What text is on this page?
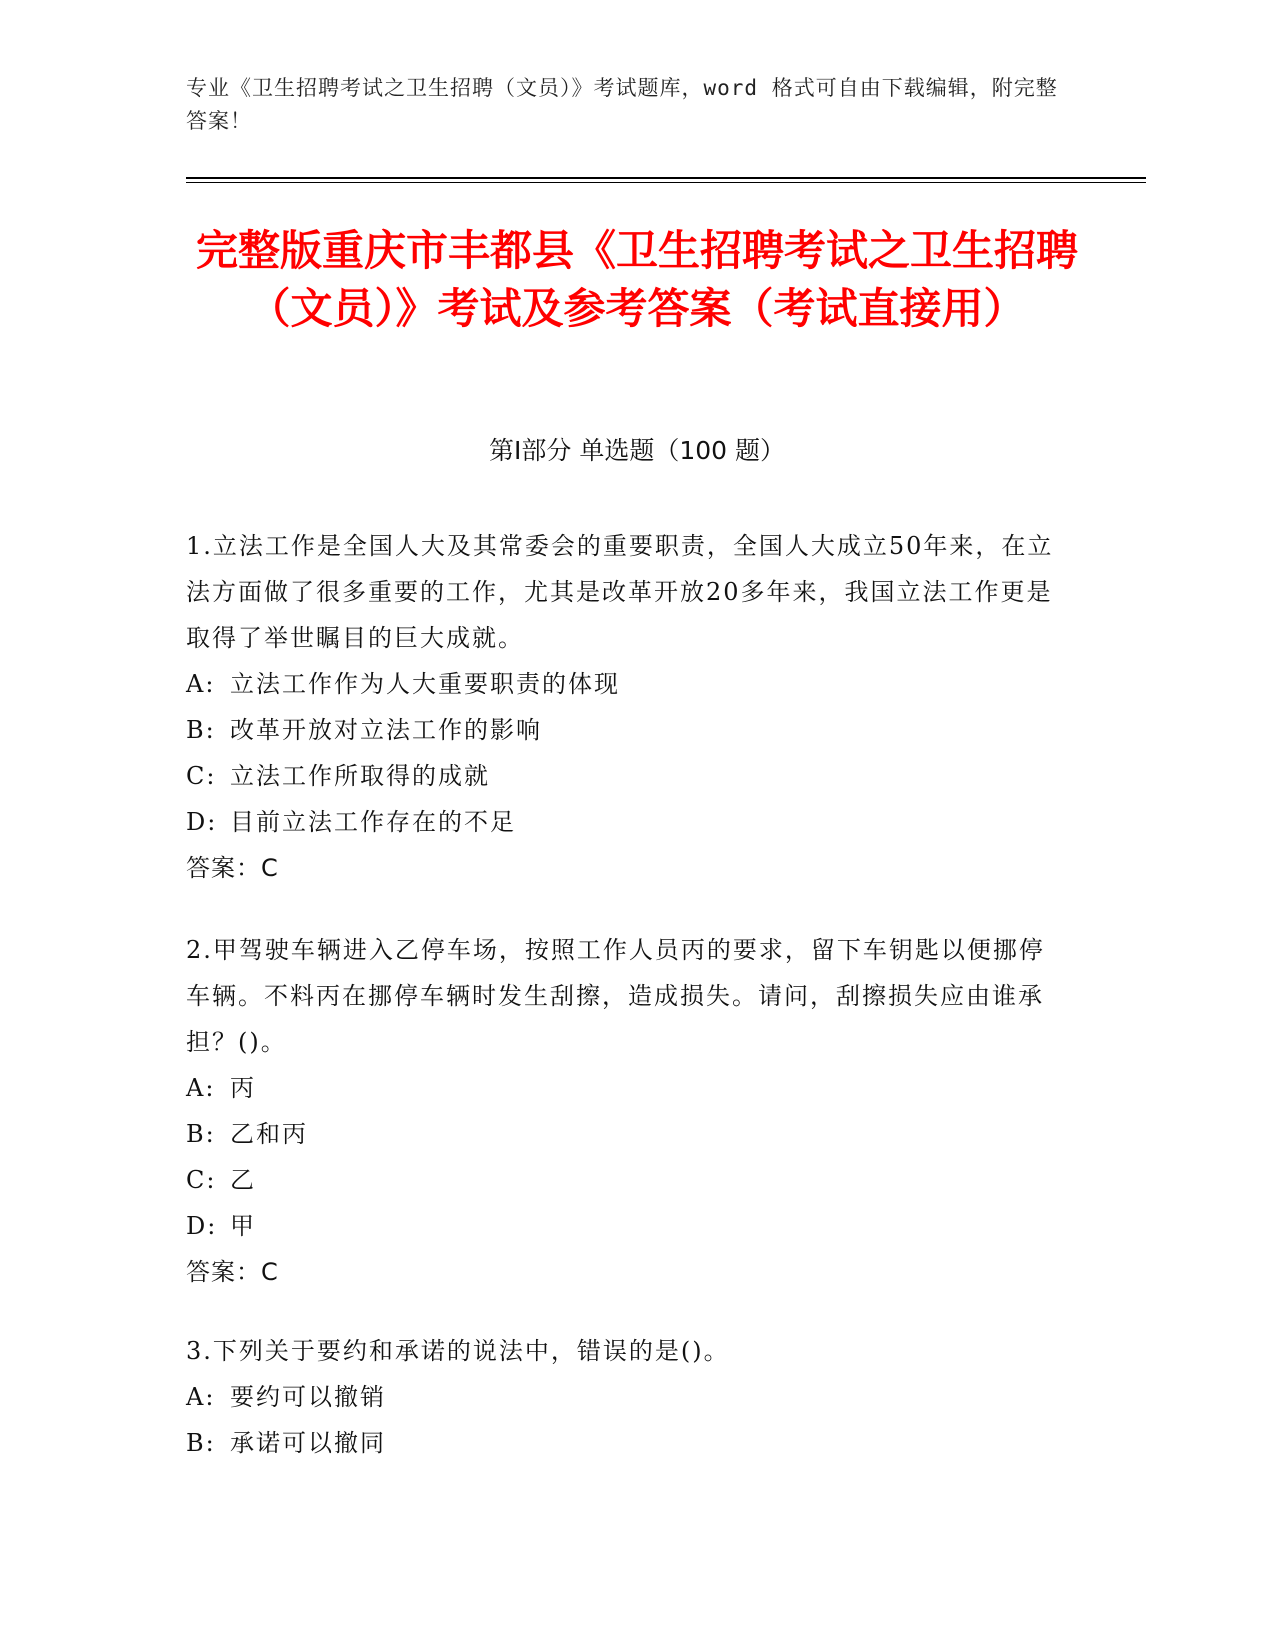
专业《卫生招聘考试之卫生招聘（文员）》考试题库，word 格式可自由下载编辑，附完整答案！
完整版重庆市丰都县《卫生招聘考试之卫生招聘（文员）》考试及参考答案（考试直接用）
第Ⅰ部分 单选题（100 题）
1.立法工作是全国人大及其常委会的重要职责，全国人大成立50年来，在立法方面做了很多重要的工作，尤其是改革开放20多年来，我国立法工作更是取得了举世瞩目的巨大成就。
A: 立法工作作为人大重要职责的体现
B: 改革开放对立法工作的影响
C: 立法工作所取得的成就
D: 目前立法工作存在的不足
答案：C
2.甲驾驶车辆进入乙停车场，按照工作人员丙的要求，留下车钥匙以便挪停车辆。不料丙在挪停车辆时发生刮擦，造成损失。请问，刮擦损失应由谁承担？()。
A: 丙
B: 乙和丙
C: 乙
D: 甲
答案：C
3.下列关于要约和承诺的说法中，错误的是()。
A: 要约可以撤销
B: 承诺可以撤同
